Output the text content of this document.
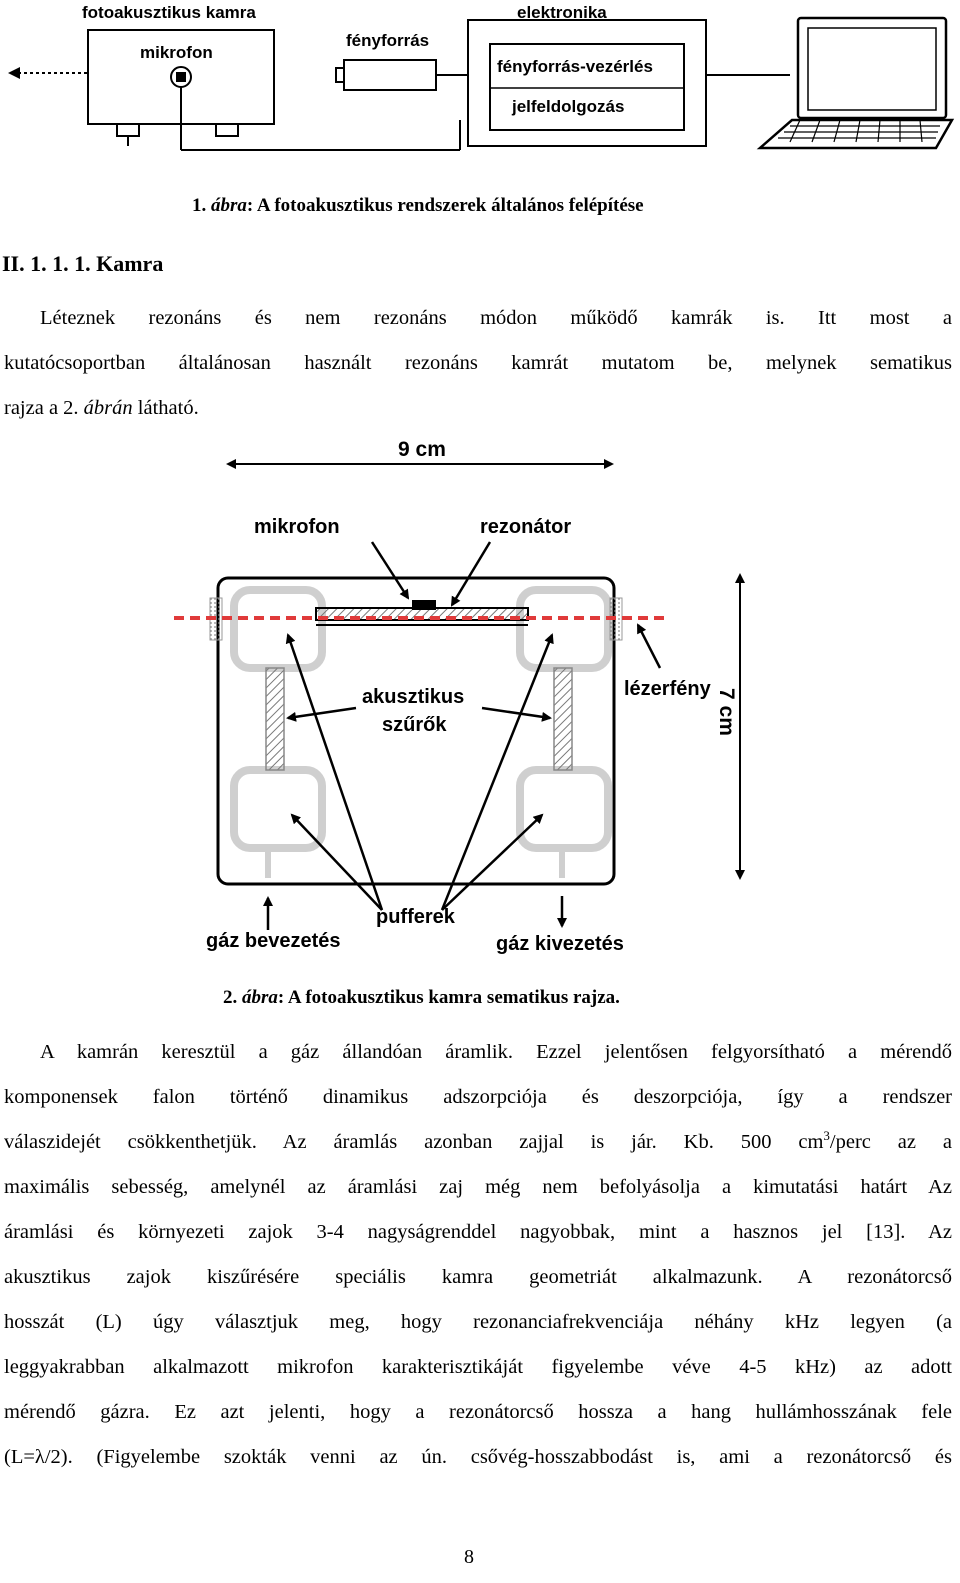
fotoakusztikus kamra
mikrofon
fényforrás
elektronika
fényforrás-vezérlés
jelfeldolgozás
1. ábra: A fotoakusztikus rendszerek általános felépítése
II. 1. 1. 1. Kamra
Léteznek rezonáns és nem rezonáns módon működő kamrák is. Itt most a
kutatócsoportban általánosan használt rezonáns kamrát mutatom be, melynek sematikus
rajza a 2. ábrán látható.
9 cm
7 cm
mikrofon	rezonátor
akusztikus
szűrők
lézerfény
pufferek
gáz bevezetés	gáz kivezetés
2. ábra: A fotoakusztikus kamra sematikus rajza.
A kamrán keresztül a gáz állandóan áramlik. Ezzel jelentősen felgyorsítható a mérendő
komponensek falon történő dinamikus adszorpciója és deszorpciója, így a rendszer
válaszidejét csökkenthetjük. Az áramlás azonban zajjal is jár. Kb. 500 $cm^3$/perc az a
maximális sebesség, amelynél az áramlási zaj még nem befolyásolja a kimutatási határt Az
áramlási és környezeti zajok 3-4 nagyságrenddel nagyobbak, mint a hasznos jel [13]. Az
akusztikus zajok kiszűrésére speciális kamra geometriát alkalmazunk. A rezonátorcső
hosszát (L) úgy választjuk meg, hogy rezonanciafrekvenciája néhány kHz legyen (a
leggyakrabban alkalmazott mikrofon karakterisztikáját figyelembe véve 4-5 kHz) az adott
mérendő gázra. Ez azt jelenti, hogy a rezonátorcső hossza a hang hullámhosszának fele
(L=λ/2). (Figyelembe szokták venni az ún. csővég-hosszabbodást is, ami a rezonátorcső és
8
